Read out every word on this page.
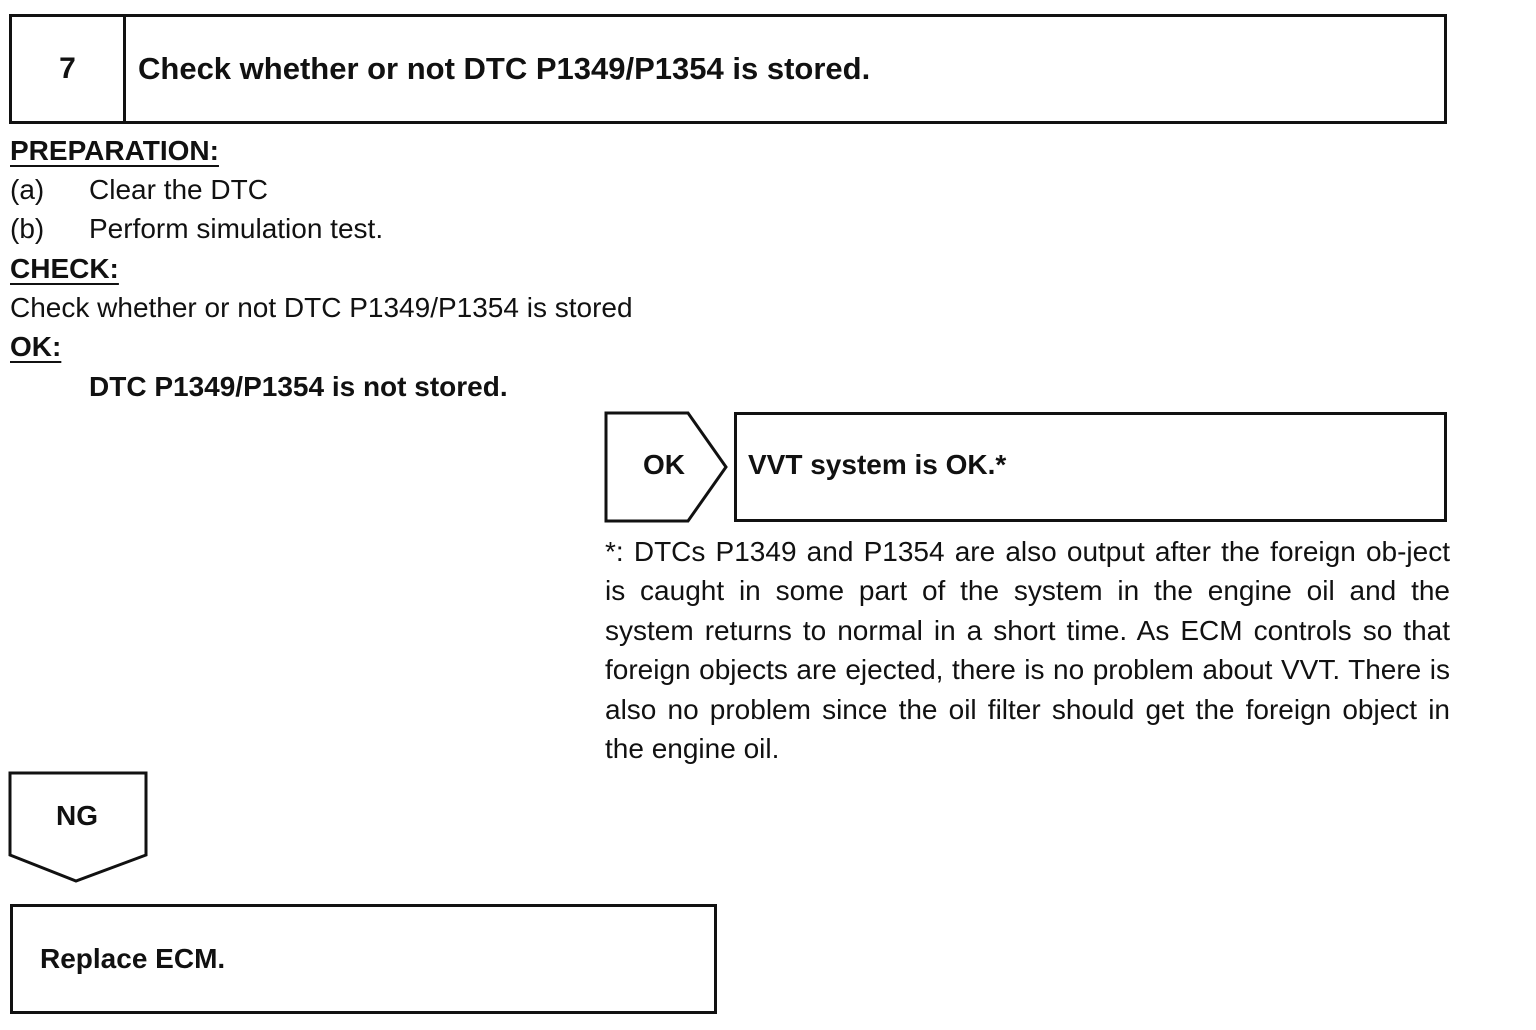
7	Check whether or not DTC P1349/P1354 is stored.
PREPARATION:
(a) Clear the DTC
(b) Perform simulation test.
CHECK:
Check whether or not DTC P1349/P1354 is stored
OK:
DTC P1349/P1354 is not stored.
OK	VVT system is OK.*
*: DTCs P1349 and P1354 are also output after the foreign ob-ject is caught in some part of the system in the engine oil and the system returns to normal in a short time. As ECM controls so that foreign objects are ejected, there is no problem about VVT. There is also no problem since the oil filter should get the foreign object in the engine oil.
NG
Replace ECM.
